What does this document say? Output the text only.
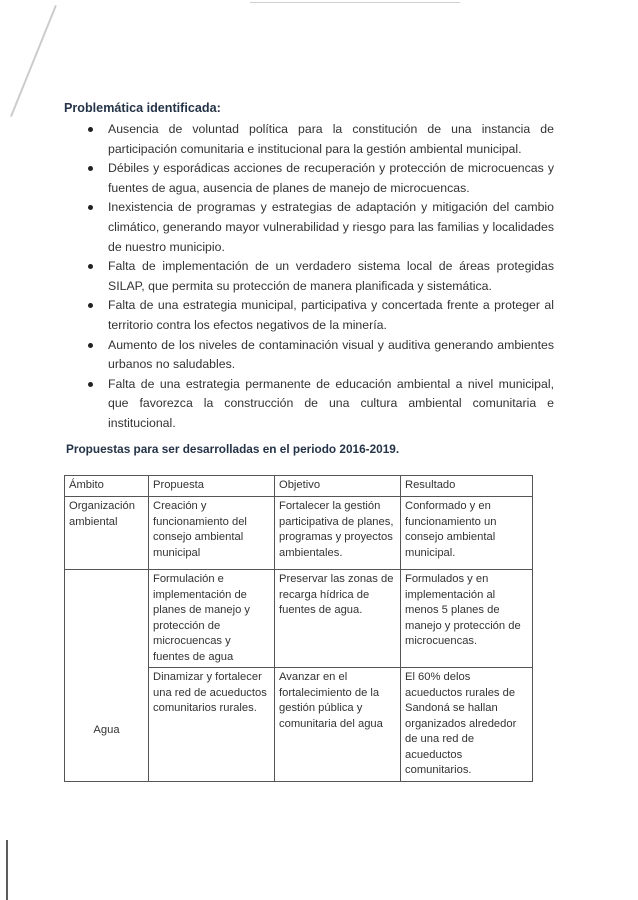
Problemática identificada:
Ausencia de voluntad política para la constitución de una instancia de participación comunitaria e institucional para la gestión ambiental municipal.
Débiles y esporádicas acciones de recuperación y protección de microcuencas y fuentes de agua, ausencia de planes de manejo de microcuencas.
Inexistencia de programas y estrategias de adaptación y mitigación del cambio climático, generando mayor vulnerabilidad y riesgo para las familias y localidades de nuestro municipio.
Falta de implementación de un verdadero sistema local de áreas protegidas SILAP, que permita su protección de manera planificada y sistemática.
Falta de una estrategia municipal, participativa y concertada frente a proteger al territorio contra los efectos negativos de la minería.
Aumento de los niveles de contaminación visual y auditiva generando ambientes urbanos no saludables.
Falta de una estrategia permanente de educación ambiental a nivel municipal, que favorezca la construcción de una cultura ambiental comunitaria e institucional.
Propuestas para ser desarrolladas en el periodo 2016-2019.
Ámbito	Propuesta	Objetivo	Resultado
Organización ambiental	Creación y funcionamiento del consejo ambiental municipal	Fortalecer la gestión participativa de planes, programas y proyectos ambientales.	Conformado y en funcionamiento un consejo ambiental municipal.
Agua	Formulación e implementación de planes de manejo y protección de microcuencas y fuentes de agua	Preservar las zonas de recarga hídrica de fuentes de agua.	Formulados y en implementación al menos 5 planes de manejo y protección de microcuencas.
	Dinamizar y fortalecer una red de acueductos comunitarios rurales.	Avanzar en el fortalecimiento de la gestión pública y comunitaria del agua	El 60% delos acueductos rurales de Sandoná se hallan organizados alrededor de una red de acueductos comunitarios.
